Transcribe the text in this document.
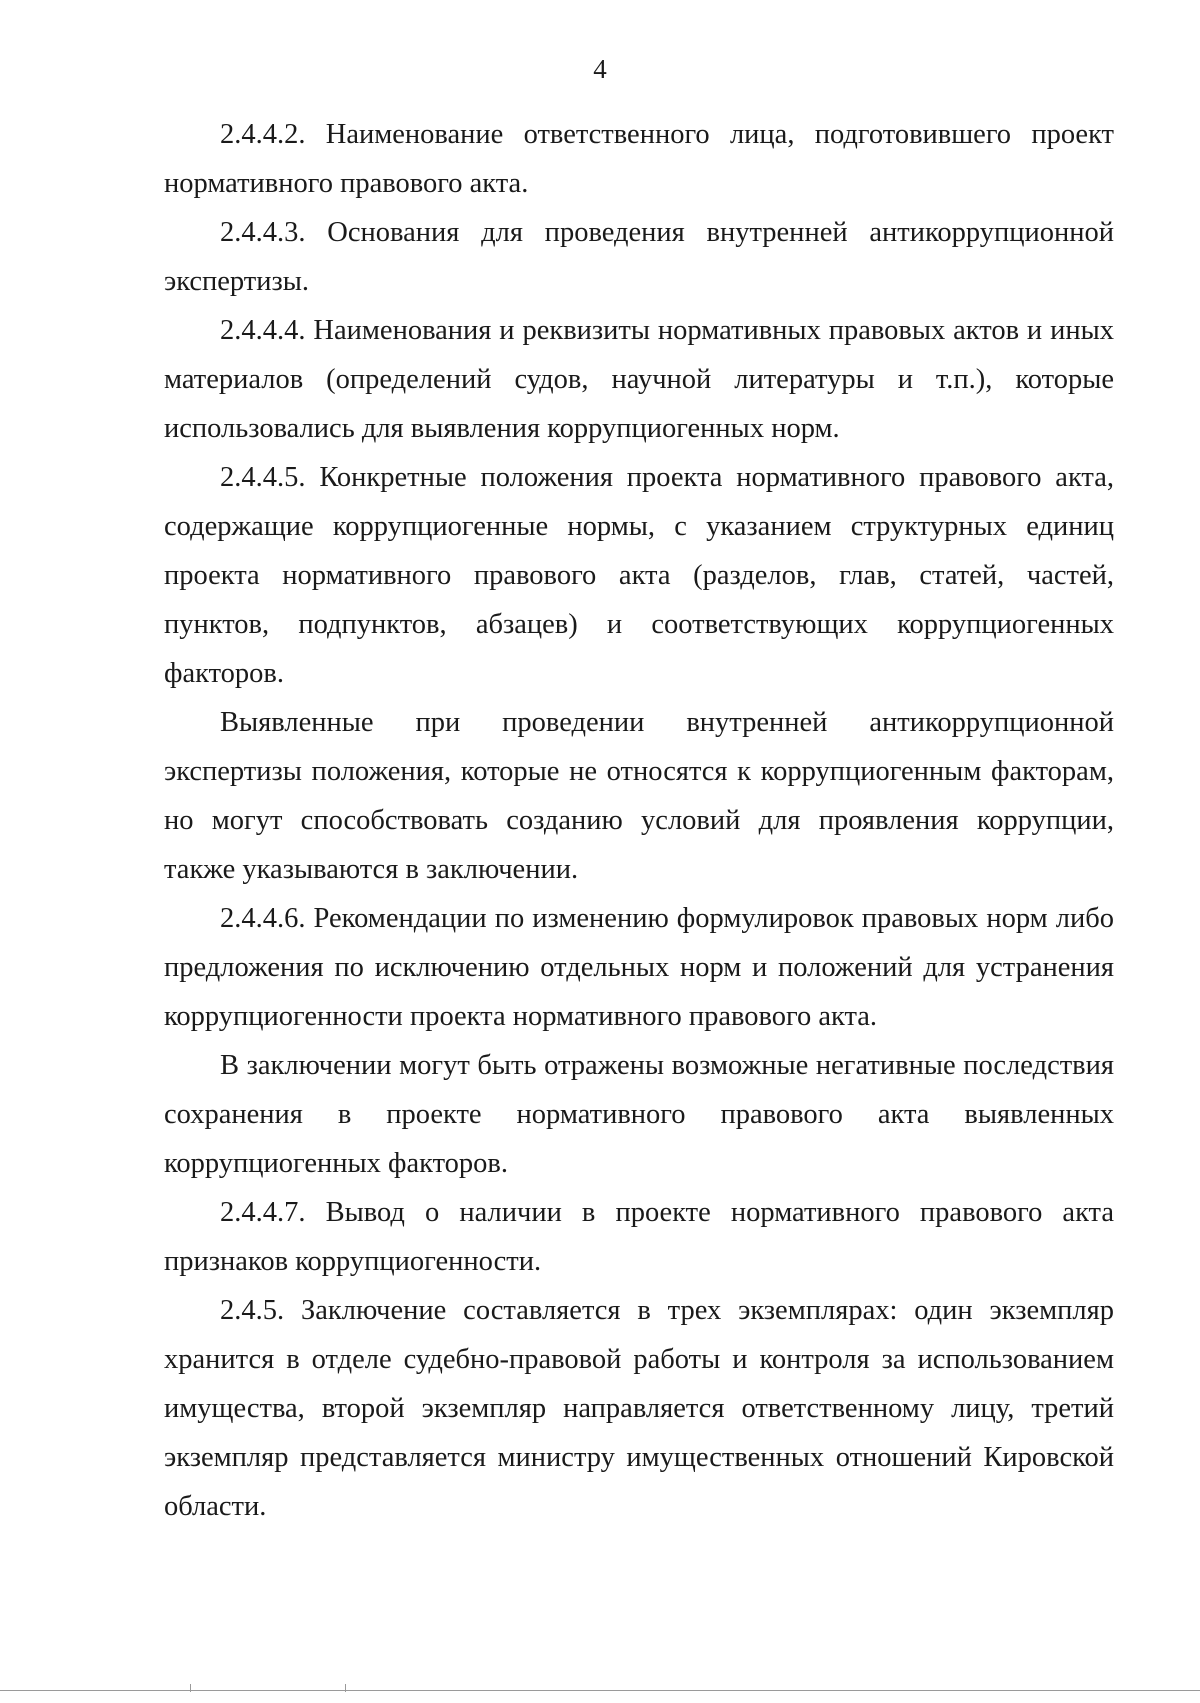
4

2.4.4.2. Наименование ответственного лица, подготовившего проект нормативного правового акта.

2.4.4.3. Основания для проведения внутренней антикоррупционной экспертизы.

2.4.4.4. Наименования и реквизиты нормативных правовых актов и иных материалов (определений судов, научной литературы и т.п.), которые использовались для выявления коррупциогенных норм.

2.4.4.5. Конкретные положения проекта нормативного правового акта, содержащие коррупциогенные нормы, с указанием структурных единиц проекта нормативного правового акта (разделов, глав, статей, частей, пунктов, подпунктов, абзацев) и соответствующих коррупциогенных факторов.

Выявленные при проведении внутренней антикоррупционной экспертизы положения, которые не относятся к коррупциогенным факторам, но могут способствовать созданию условий для проявления коррупции, также указываются в заключении.

2.4.4.6. Рекомендации по изменению формулировок правовых норм либо предложения по исключению отдельных норм и положений для устранения коррупциогенности проекта нормативного правового акта.

В заключении могут быть отражены возможные негативные последствия сохранения в проекте нормативного правового акта выявленных коррупциогенных факторов.

2.4.4.7. Вывод о наличии в проекте нормативного правового акта признаков коррупциогенности.

2.4.5. Заключение составляется в трех экземплярах: один экземпляр хранится в отделе судебно-правовой работы и контроля за использованием имущества, второй экземпляр направляется ответственному лицу, третий экземпляр представляется министру имущественных отношений Кировской области.
